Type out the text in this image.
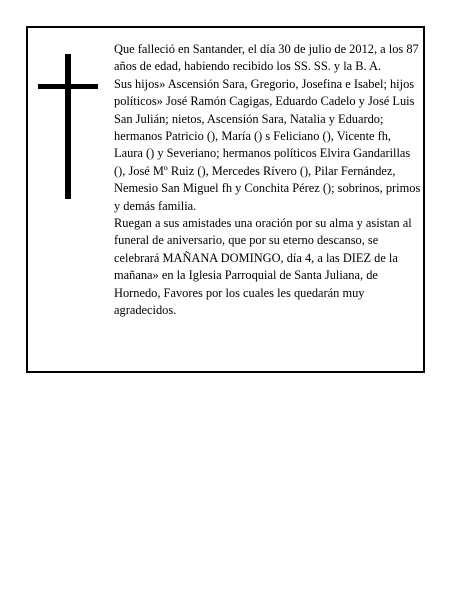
Que falleció en Santander, el día 30 de julio de 2012, a los 87 años de edad, habiendo recibido los SS. SS. y la B. A.

Sus hijos» Ascensión Sara, Gregorio, Josefina e Isabel; hijos políticos» José Ramón Cagigas, Eduardo Cadelo y José Luis San Julián; nietos, Ascensión Sara, Natalia y Eduardo; hermanos Patricio (), María () s Feliciano (), Vicente fh, Laura () y Severiano; hermanos políticos Elvira Gandarillas (), José Mº Ruiz (), Mercedes Rívero (), Pilar Fernández, Nemesio San Miguel fh y Conchita Pérez (); sobrinos, primos y demás familia.

Ruegan a sus amistades una oración por su alma y asistan al funeral de aniversario, que por su eterno descanso, se celebrará MAÑANA DOMINGO, día 4, a las DIEZ de la mañana» en la Iglesia Parroquial de Santa Juliana, de Hornedo, Favores por los cuales les quedarán muy agradecidos.
